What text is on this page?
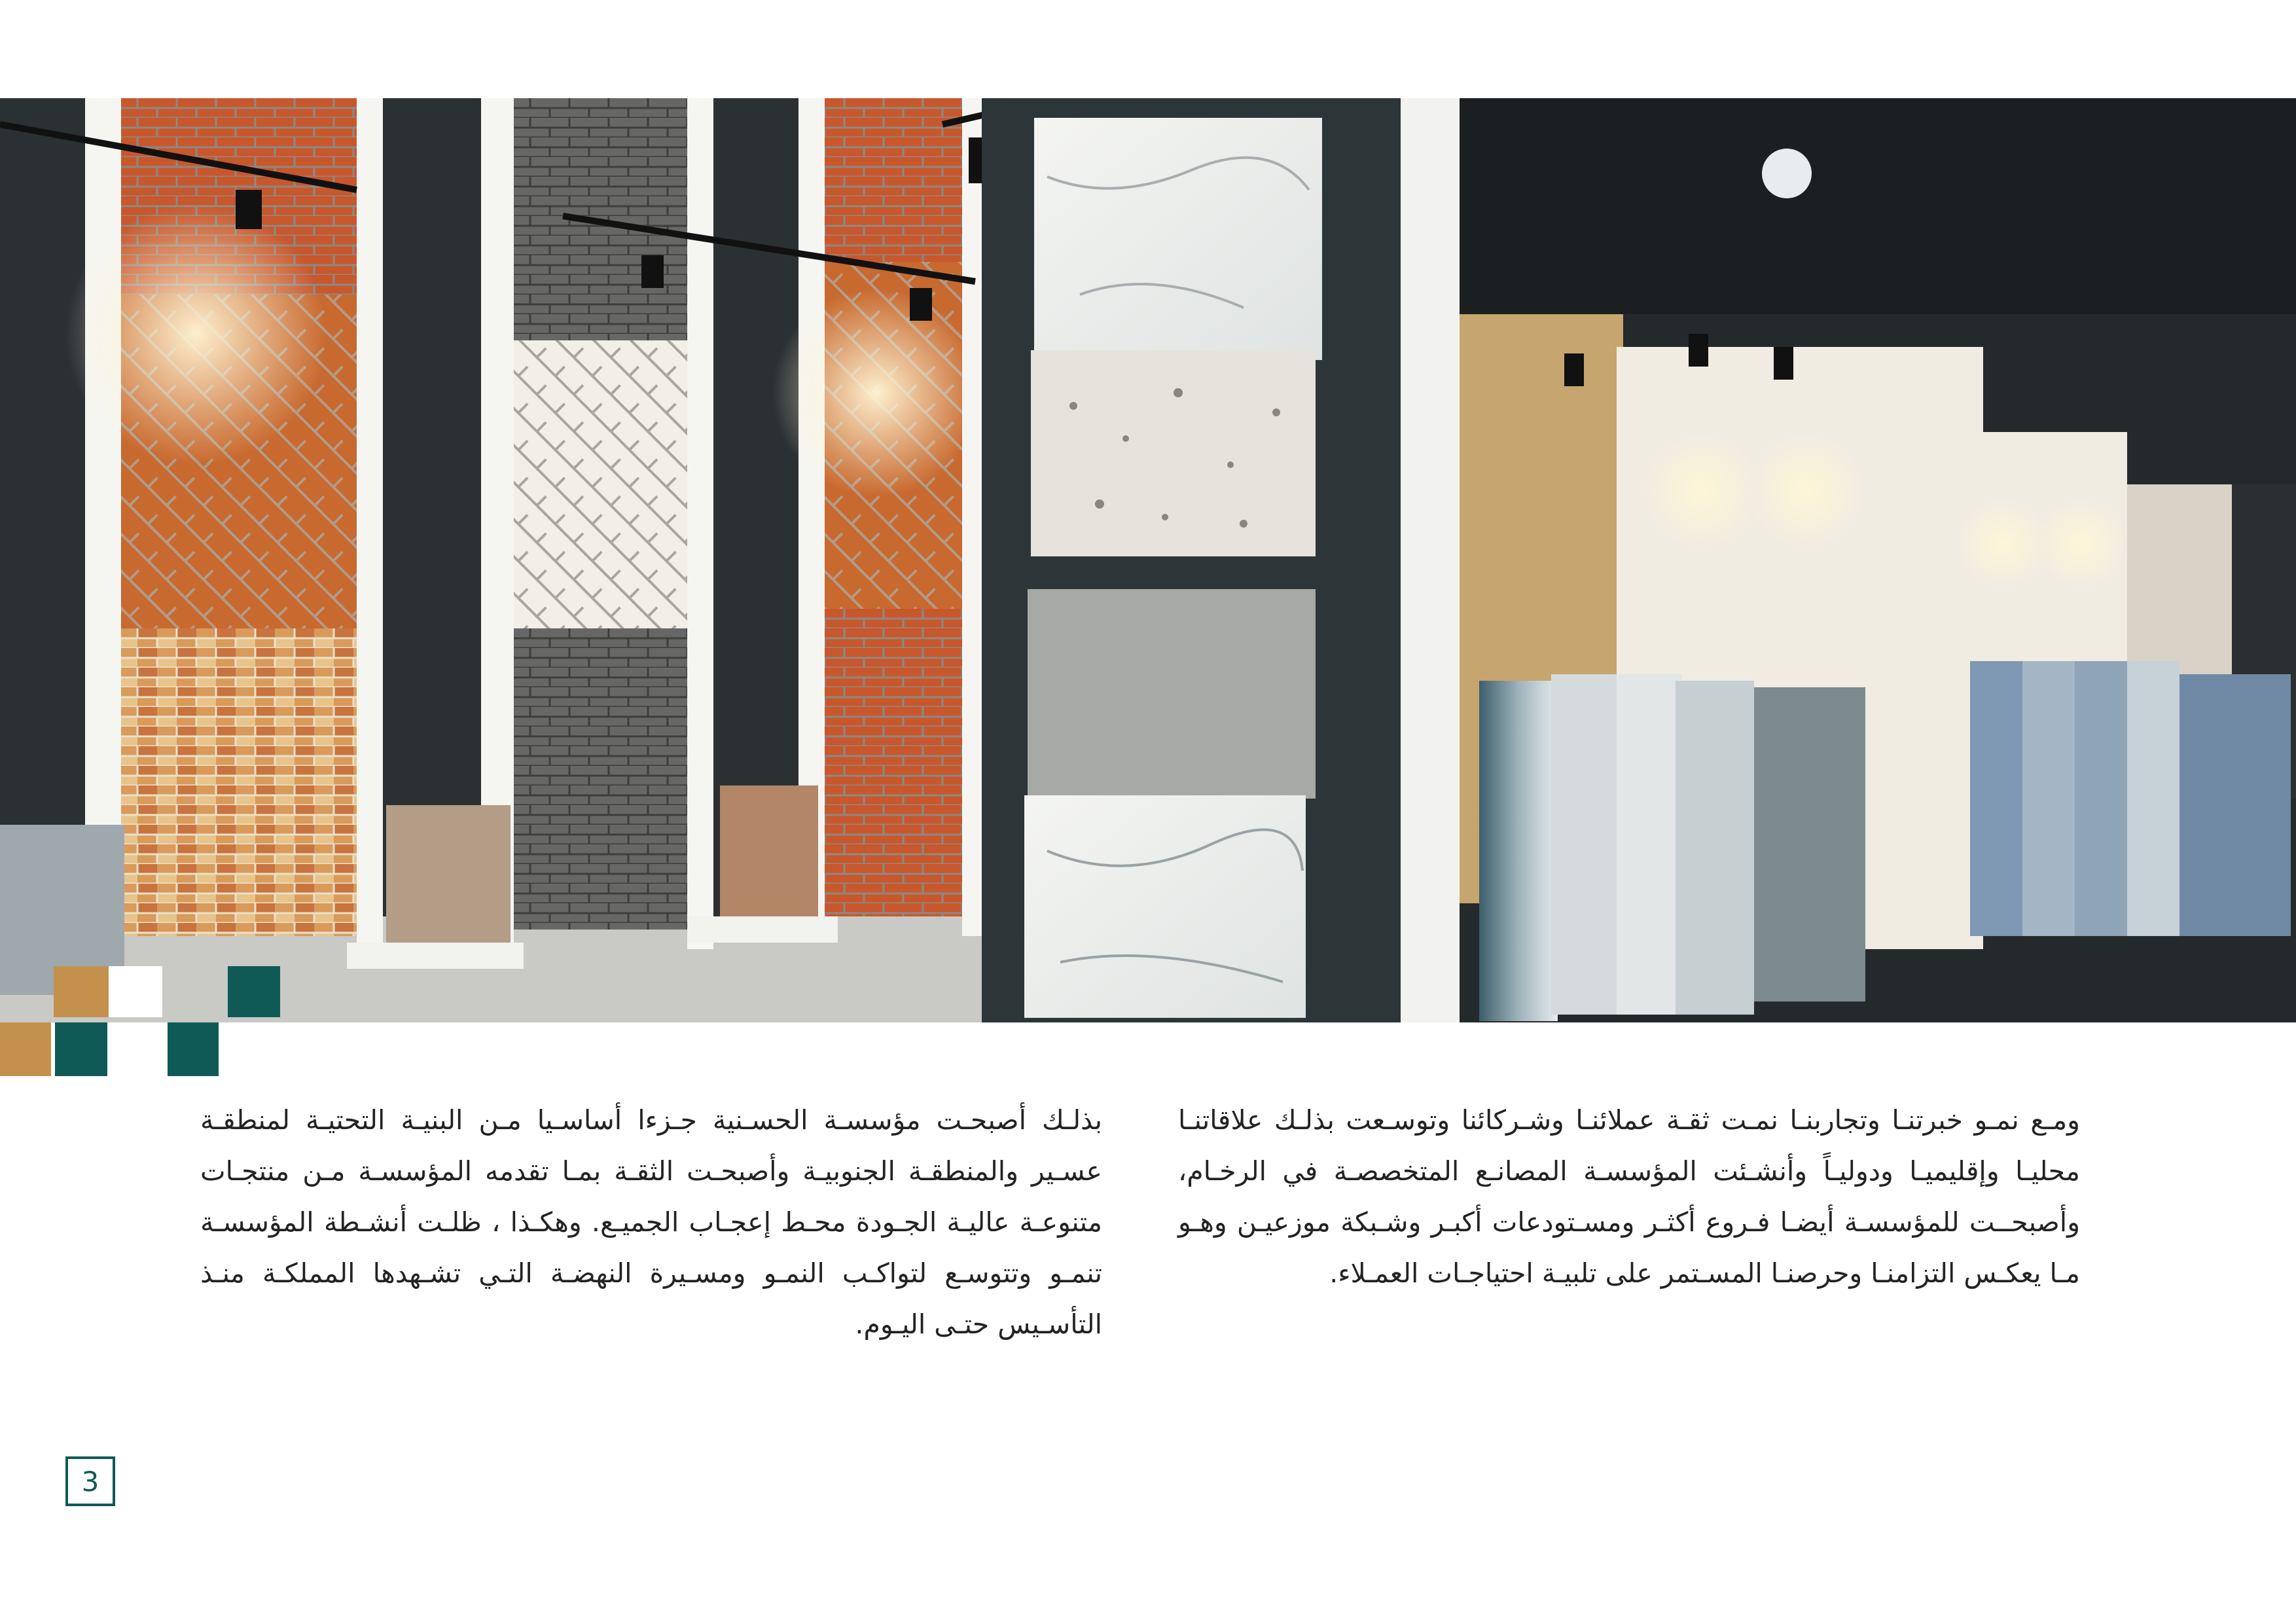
ومـع نمـو خبرتنـا وتجاربنـا نمـت ثقـة عملائنـا وشـركائنا وتوسـعت بذلـك علاقاتنـا محليـا وإقليميـا ودوليـاً وأنشـئت المؤسسـة المصانـع المتخصصـة في الرخـام، وأصبحــت للمؤسسـة أيضـا فـروع أكثـر ومسـتودعات أكبـر وشـبكة موزعيـن وهـو مـا يعكـس التزامنـا وحرصنـا المسـتمر على تلبيـة احتياجـات العمـلاء.

بذلـك أصبحـت مؤسسـة الحسـنية جـزءا أساسـيا مـن البنيـة التحتيـة لمنطقـة عسـير والمنطقـة الجنوبيـة وأصبحـت الثقـة بمـا تقدمه المؤسسـة مـن منتجـات متنوعـة عاليـة الجـودة محـط إعجـاب الجميـع. وهكـذا ، ظلـت أنشـطة المؤسسـة تنمـو وتتوسـع لتواكـب النمـو ومسـيرة النهضـة التـي تشـهدها المملكـة منـذ التأسـيس حتـى اليـوم.

3
